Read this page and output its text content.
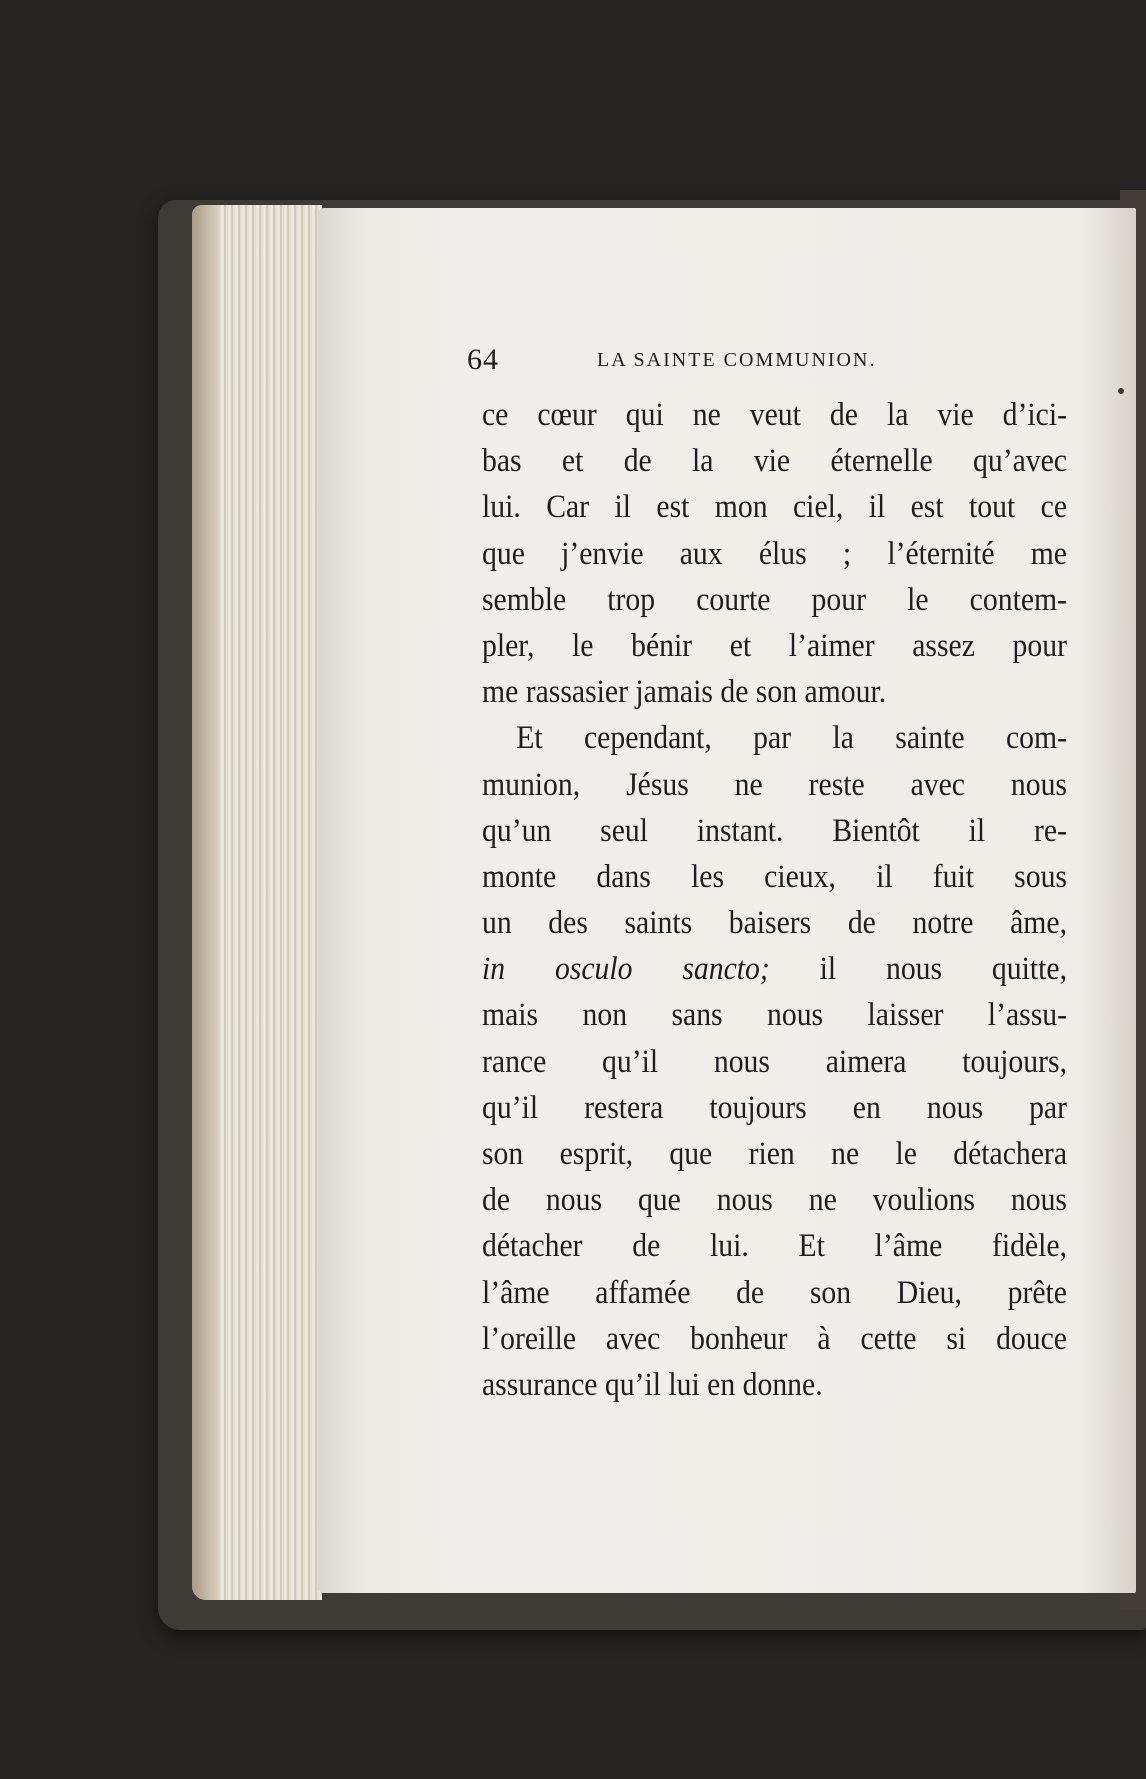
64	LA SAINTE COMMUNION.
ce cœur qui ne veut de la vie d’ici-
bas et de la vie éternelle qu’avec
lui. Car il est mon ciel, il est tout ce
que j’envie aux élus ; l’éternité me
semble trop courte pour le contem-
pler, le bénir et l’aimer assez pour
me rassasier jamais de son amour.
Et cependant, par la sainte com-
munion, Jésus ne reste avec nous
qu’un seul instant. Bientôt il re-
monte dans les cieux, il fuit sous
un des saints baisers de notre âme,
in osculo sancto; il nous quitte,
mais non sans nous laisser l’assu-
rance qu’il nous aimera toujours,
qu’il restera toujours en nous par
son esprit, que rien ne le détachera
de nous que nous ne voulions nous
détacher de lui. Et l’âme fidèle,
l’âme affamée de son Dieu, prête
l’oreille avec bonheur à cette si douce
assurance qu’il lui en donne.
